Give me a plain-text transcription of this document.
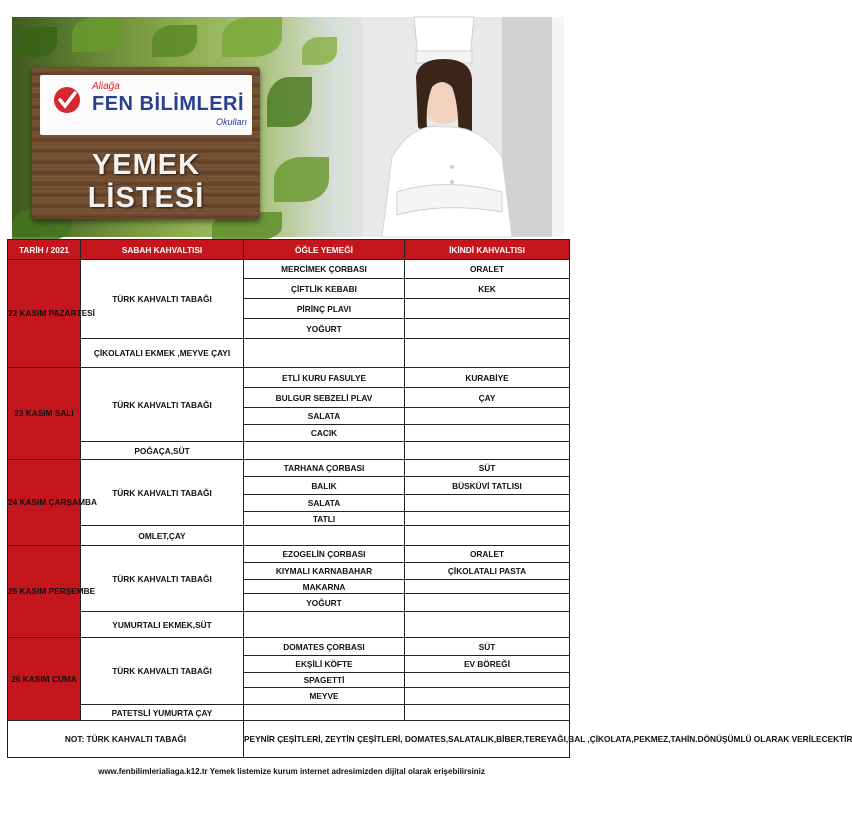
Aliağa
FEN BİLİMLERİ
Okulları
YEMEK LİSTESİ
TARİH / 2021	SABAH KAHVALTISI	ÖĞLE YEMEĞİ	İKİNDİ KAHVALTISI
22 KASIM PAZARTESİ	TÜRK KAHVALTI TABAĞI	MERCİMEK ÇORBASI	ORALET
		ÇİFTLİK KEBABI	KEK
		PİRİNÇ PLAVI	
		YOĞURT	
	ÇİKOLATALI EKMEK ,MEYVE ÇAYI		
23 KASIM SALI	TÜRK KAHVALTI TABAĞI	ETLİ KURU FASULYE	KURABİYE
		BULGUR SEBZELİ PLAV	ÇAY
		SALATA	
		CACIK	
	POĞAÇA,SÜT		
24 KASIM ÇARŞAMBA	TÜRK KAHVALTI TABAĞI	TARHANA ÇORBASI	SÜT
		BALIK	BÜSKÜVİ TATLISI
		SALATA	
		TATLI	
	OMLET,ÇAY		
25 KASIM PERŞEMBE	TÜRK KAHVALTI TABAĞI	EZOGELİN ÇORBASI	ORALET
		KIYMALI KARNABAHAR	ÇİKOLATALI PASTA
		MAKARNA	
		YOĞURT	
	YUMURTALI EKMEK,SÜT		
26 KASIM CUMA	TÜRK KAHVALTI TABAĞI	DOMATES ÇORBASI	SÜT
		EKŞİLİ KÖFTE	EV BÖREĞİ
		SPAGETTİ	
		MEYVE	
	PATETSLİ YUMURTA ÇAY		
NOT: TÜRK KAHVALTI TABAĞI		PEYNİR ÇEŞİTLERİ, ZEYTİN ÇEŞİTLERİ, DOMATES,SALATALIK,BİBER,TEREYAĞI,BAL ,ÇİKOLATA,PEKMEZ,TAHİN.DÖNÜŞÜMLÜ OLARAK VERİLECEKTİR	
www.fenbilimlerialiaga.k12.tr Yemek listemize kurum internet adresimizden dijital olarak erişebilirsiniz
